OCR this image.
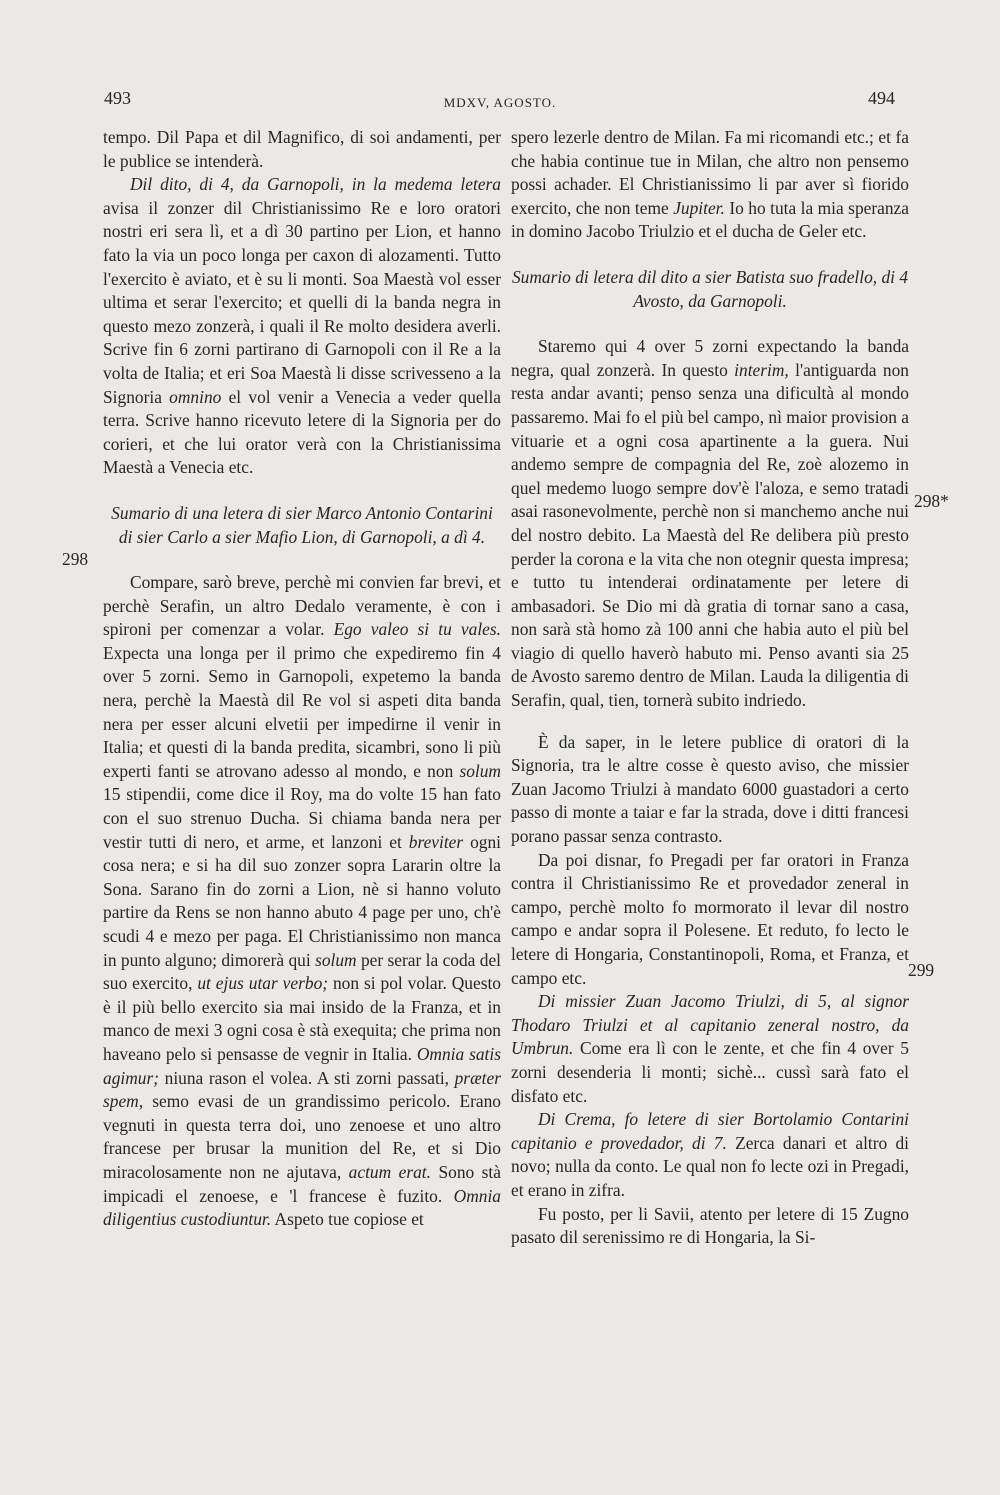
493	MDXV, AGOSTO.	494
298
298*
299

tempo. Dil Papa et dil Magnifico, di soi andamenti, per le publice se intenderà.

Dil dito, di 4, da Garnopoli, in la medema letera avisa il zonzer dil Christianissimo Re e loro oratori nostri eri sera lì, et a dì 30 partino per Lion, et hanno fato la via un poco longa per caxon di alozamenti. Tutto l'exercito è aviato, et è su li monti. Soa Maestà vol esser ultima et serar l'exercito; et quelli di la banda negra in questo mezo zonzerà, i quali il Re molto desidera averli. Scrive fin 6 zorni partirano di Garnopoli con il Re a la volta de Italia; et eri Soa Maestà li disse scrivesseno a la Signoria omnino el vol venir a Venecia a veder quella terra. Scrive hanno ricevuto letere di la Signoria per do corieri, et che lui orator verà con la Christianissima Maestà a Venecia etc.

Sumario di una letera di sier Marco Antonio Contarini di sier Carlo a sier Mafio Lion, di Garnopoli, a dì 4.

Compare, sarò breve, perchè mi convien far brevi, et perchè Serafin, un altro Dedalo veramente, è con i spironi per comenzar a volar. Ego valeo si tu vales. Expecta una longa per il primo che expediremo fin 4 over 5 zorni. Semo in Garnopoli, expetemo la banda nera, perchè la Maestà dil Re vol si aspeti dita banda nera per esser alcuni elvetii per impedirne il venir in Italia; et questi di la banda predita, sicambri, sono li più experti fanti se atrovano adesso al mondo, e non solum 15 stipendii, come dice il Roy, ma do volte 15 han fato con el suo strenuo Ducha. Si chiama banda nera per vestir tutti di nero, et arme, et lanzoni et breviter ogni cosa nera; e si ha dil suo zonzer sopra Lararin oltre la Sona. Sarano fin do zorni a Lion, nè si hanno voluto partire da Rens se non hanno abuto 4 page per uno, ch'è scudi 4 e mezo per paga. El Christianissimo non manca in punto alguno; dimorerà qui solum per serar la coda del suo exercito, ut ejus utar verbo; non si pol volar. Questo è il più bello exercito sia mai insido de la Franza, et in manco de mexi 3 ogni cosa è stà exequita; che prima non haveano pelo si pensasse de vegnir in Italia. Omnia satis agimur; niuna rason el volea. A sti zorni passati, præter spem, semo evasi de un grandissimo pericolo. Erano vegnuti in questa terra doi, uno zenoese et uno altro francese per brusar la munition del Re, et si Dio miracolosamente non ne ajutava, actum erat. Sono stà impicadi el zenoese, e 'l francese è fuzito. Omnia diligentius custodiuntur. Aspeto tue copiose et

spero lezerle dentro de Milan. Fa mi ricomandi etc.; et fa che habia continue tue in Milan, che altro non pensemo possi achader. El Christianissimo li par aver sì fiorido exercito, che non teme Jupiter. Io ho tuta la mia speranza in domino Jacobo Triulzio et el ducha de Geler etc.

Sumario di letera dil dito a sier Batista suo fradello, di 4 Avosto, da Garnopoli.

Staremo qui 4 over 5 zorni expectando la banda negra, qual zonzerà. In questo interim, l'antiguarda non resta andar avanti; penso senza una dificultà al mondo passaremo. Mai fo el più bel campo, nì maior provision a vituarie et a ogni cosa apartinente a la guera. Nui andemo sempre de compagnia del Re, zoè alozemo in quel medemo luogo sempre dov'è l'aloza, e semo tratadi asai rasonevolmente, perchè non si manchemo anche nui del nostro debito. La Maestà del Re delibera più presto perder la corona e la vita che non otegnir questa impresa; e tutto tu intenderai ordinatamente per letere di ambasadori. Se Dio mi dà gratia di tornar sano a casa, non sarà stà homo zà 100 anni che habia auto el più bel viagio di quello haverò habuto mi. Penso avanti sia 25 de Avosto saremo dentro de Milan. Lauda la diligentia di Serafin, qual, tien, tornerà subito indriedo.

È da saper, in le letere publice di oratori di la Signoria, tra le altre cosse è questo aviso, che missier Zuan Jacomo Triulzi à mandato 6000 guastadori a certo passo di monte a taiar e far la strada, dove i ditti francesi porano passar senza contrasto.

Da poi disnar, fo Pregadi per far oratori in Franza contra il Christianissimo Re et provedador zeneral in campo, perchè molto fo mormorato il levar dil nostro campo e andar sopra il Polesene. Et reduto, fo lecto le letere di Hongaria, Constantinopoli, Roma, et Franza, et campo etc.

Di missier Zuan Jacomo Triulzi, di 5, al signor Thodaro Triulzi et al capitanio zeneral nostro, da Umbrun. Come era lì con le zente, et che fin 4 over 5 zorni desenderia li monti; sichè... cussì sarà fato el disfato etc.

Di Crema, fo letere di sier Bortolamio Contarini capitanio e provedador, di 7. Zerca danari et altro di novo; nulla da conto. Le qual non fo lecte ozi in Pregadi, et erano in zifra.

Fu posto, per li Savii, atento per letere di 15 Zugno pasato dil serenissimo re di Hongaria, la Si-
